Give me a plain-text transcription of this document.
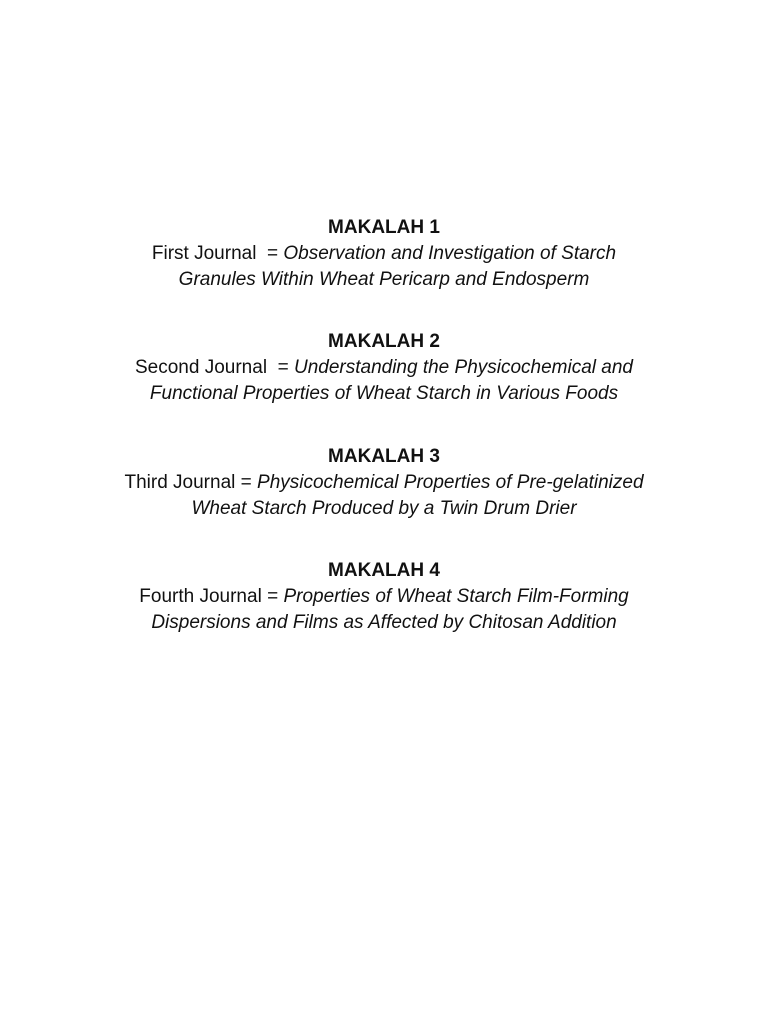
MAKALAH 1
First Journal  = Observation and Investigation of Starch
Granules Within Wheat Pericarp and Endosperm
MAKALAH 2
Second Journal  = Understanding the Physicochemical and
Functional Properties of Wheat Starch in Various Foods
MAKALAH 3
Third Journal = Physicochemical Properties of Pre-gelatinized
Wheat Starch Produced by a Twin Drum Drier
MAKALAH 4
Fourth Journal = Properties of Wheat Starch Film-Forming
Dispersions and Films as Affected by Chitosan Addition
